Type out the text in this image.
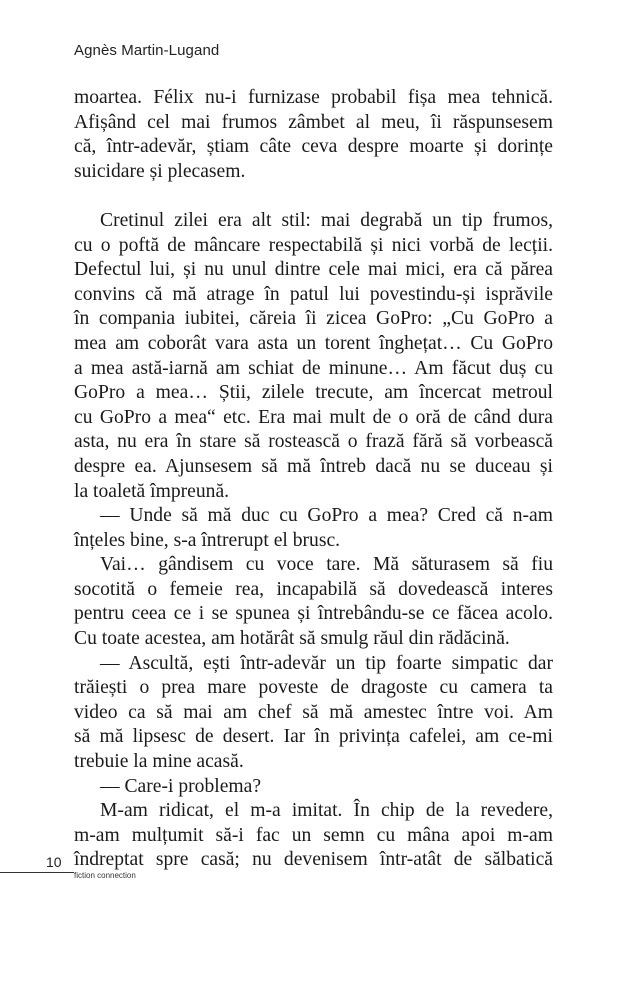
Agnès Martin-Lugand
moartea. Félix nu-i furnizase probabil fișa mea tehnică.
Afișând cel mai frumos zâmbet al meu, îi răspunsesem
că, într-adevăr, știam câte ceva despre moarte și dorințe
suicidare și plecasem.
Cretinul zilei era alt stil: mai degrabă un tip frumos,
cu o poftă de mâncare respectabilă și nici vorbă de lecții.
Defectul lui, și nu unul dintre cele mai mici, era că părea
convins că mă atrage în patul lui povestindu-și isprăvile
în compania iubitei, căreia îi zicea GoPro: „Cu GoPro a
mea am coborât vara asta un torent înghețat… Cu GoPro
a mea astă-iarnă am schiat de minune… Am făcut duș cu
GoPro a mea… Știi, zilele trecute, am încercat metroul
cu GoPro a mea“ etc. Era mai mult de o oră de când dura
asta, nu era în stare să rostească o frază fără să vorbească
despre ea. Ajunsesem să mă întreb dacă nu se duceau și
la toaletă împreună.
— Unde să mă duc cu GoPro a mea? Cred că n-am
înțeles bine, s-a întrerupt el brusc.
Vai… gândisem cu voce tare. Mă săturasem să fiu
socotită o femeie rea, incapabilă să dovedească interes
pentru ceea ce i se spunea și întrebându-se ce făcea acolo.
Cu toate acestea, am hotărât să smulg răul din rădăcină.
— Ascultă, ești într-adevăr un tip foarte simpatic dar
trăiești o prea mare poveste de dragoste cu camera ta
video ca să mai am chef să mă amestec între voi. Am
să mă lipsesc de desert. Iar în privința cafelei, am ce-mi
trebuie la mine acasă.
— Care-i problema?
M-am ridicat, el m-a imitat. În chip de la revedere,
m-am mulțumit să-i fac un semn cu mâna apoi m-am
îndreptat spre casă; nu devenisem într-atât de sălbatică
10
fiction connection
